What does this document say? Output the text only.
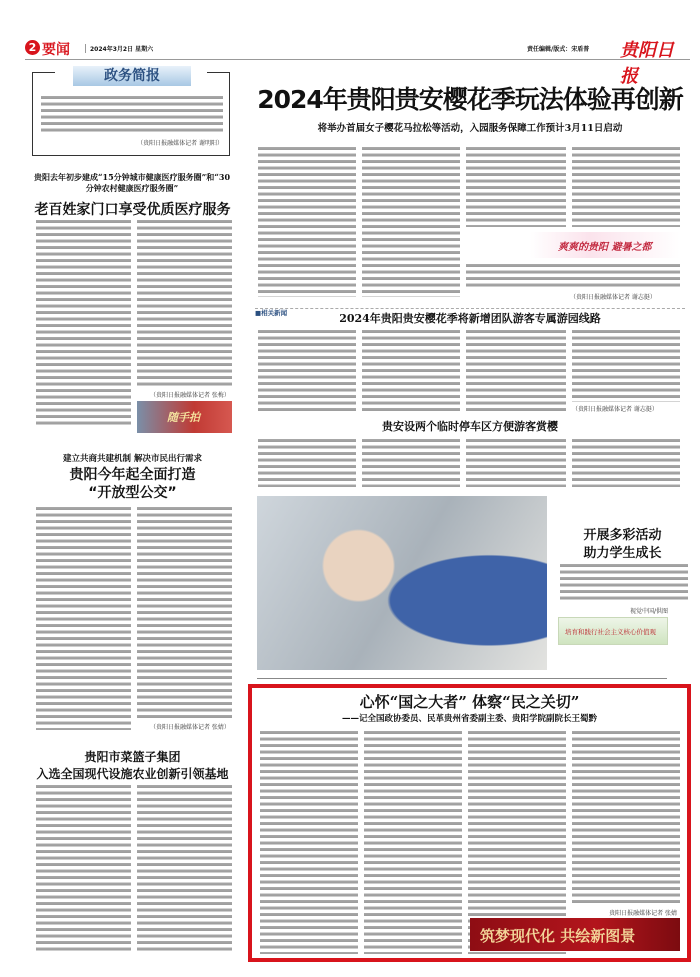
2 要闻	2024年3月2日 星期六	责任编辑/版式：宋盾普 贵阳日报
政务简报
（贵阳日报融媒体记者 谢明阳）
贵阳去年初步建成“15分钟城市健康医疗服务圈”和“30分钟农村健康医疗服务圈”
老百姓家门口享受优质医疗服务
（贵阳日报融媒体记者 张梅）
随手拍
建立共商共建机制 解决市民出行需求
贵阳今年起全面打造
“开放型公交”
（贵阳日报融媒体记者 张婧）
贵阳市菜篮子集团
入选全国现代设施农业创新引领基地
2024年贵阳贵安樱花季玩法体验再创新
将举办首届女子樱花马拉松等活动，入园服务保障工作预计3月11日启动
爽爽的贵阳 避暑之都
（贵阳日报融媒体记者 谢志挺）
■相关新闻	2024年贵阳贵安樱花季将新增团队游客专属游园线路
（贵阳日报融媒体记者 谢志挺）
贵安设两个临时停车区方便游客赏樱
开展多彩活动
助力学生成长
视觉中国/供图
培育和践行社会主义核心价值观
心怀“国之大者” 体察“民之关切”
——记全国政协委员、民革贵州省委副主委、贵阳学院副院长王蜀黔
贵阳日报融媒体记者 张婧
筑梦现代化 共绘新图景
